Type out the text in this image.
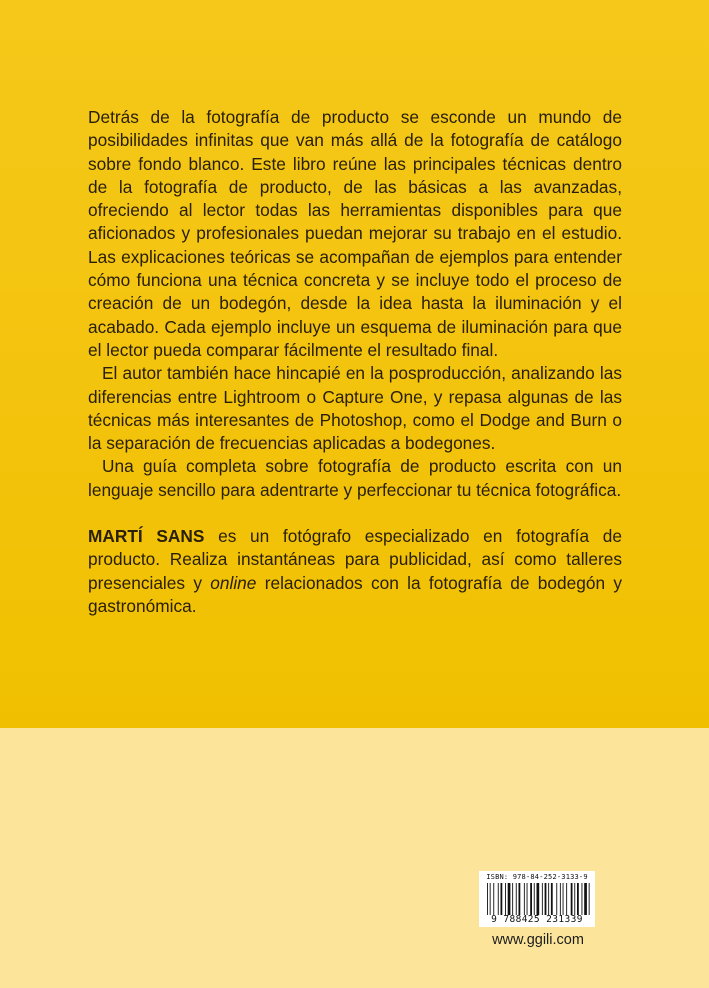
Detrás de la fotografía de producto se esconde un mundo de posibilidades infinitas que van más allá de la fotografía de catálogo sobre fondo blanco. Este libro reúne las principales técnicas dentro de la fotografía de producto, de las básicas a las avanzadas, ofreciendo al lector todas las herramientas disponibles para que aficionados y profesionales puedan mejorar su trabajo en el estudio. Las explicaciones teóricas se acompañan de ejemplos para entender cómo funciona una técnica concreta y se incluye todo el proceso de creación de un bodegón, desde la idea hasta la iluminación y el acabado. Cada ejemplo incluye un esquema de iluminación para que el lector pueda comparar fácilmente el resultado final.

El autor también hace hincapié en la posproducción, analizando las diferencias entre Lightroom o Capture One, y repasa algunas de las técnicas más interesantes de Photoshop, como el Dodge and Burn o la separación de frecuencias aplicadas a bodegones.

Una guía completa sobre fotografía de producto escrita con un lenguaje sencillo para adentrarte y perfeccionar tu técnica fotográfica.

MARTÍ SANS es un fotógrafo especializado en fotografía de producto. Realiza instantáneas para publicidad, así como talleres presenciales y online relacionados con la fotografía de bodegón y gastronómica.

ISBN: 978-84-252-3133-9
9 788425 231339
www.ggili.com
